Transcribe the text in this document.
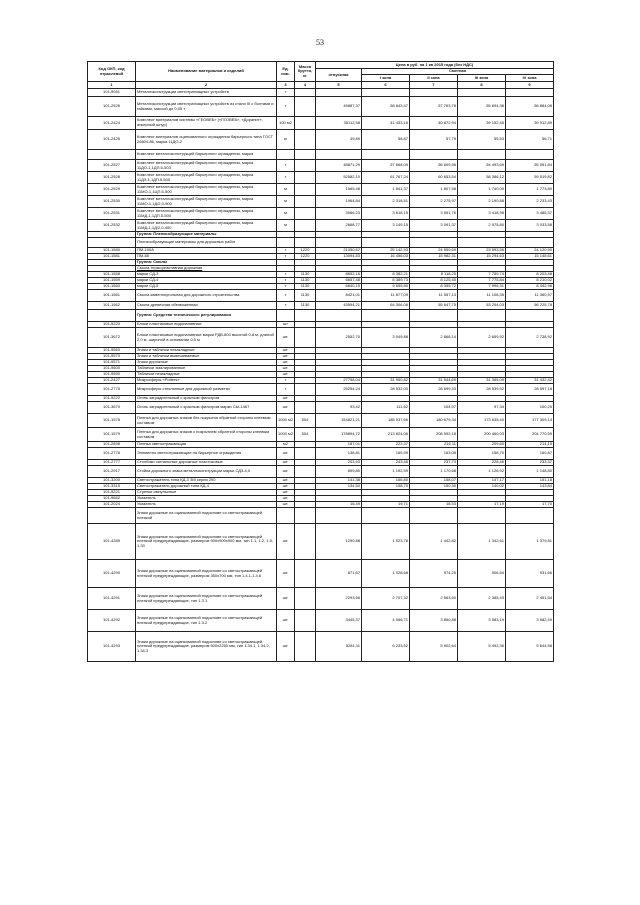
53
Код ОКП, код отраслевой	Наименование материалов и изделий	Ед. изм.	Масса брутто, кг	Цена в руб. на 1 кв 2015 года (без НДС)				
				отпускная	Сметная			
					I зона	II зона	III зона	IV зона
1	2	3	4	5	6	7	8	9
101-9051	Металлоконструкции светотранзацных устройств	т						
101-2526	Металлоконструкции светотранзацных устройств из стали III с болтами и гайками, массой до 0,05 т	т		49887,37	58 843,47	57 763,78	55 694,38	56 884,08
101-2424	Комплект материалов системы «ГЕОВЕБ» («ГЕОВЕБ», «Доранит», анкерный шнур)	100 м2		35112,58	41 433,16	40 872,94	39 152,45	39 912,89
101-2425	Комплект материалов оцинкованного ограждения барьерного типа ГОСТ 26804-86, марка 11ДО-2	кг		49,89	58,87	57,79	55,53	56,71
	Комплект металлоконструкций барьерного ограждения, марка							
101-2527	Комплект металлоконструкций барьерного ограждения, марка 11ДО-1,1ДП.5-503	т		48871,29	57 668,09	56 609,96	54 493,69	55 551,84
101-2528	Комплект металлоконструкций барьерного ограждения, марка 11ДЗ-1,1ДП.5-500	т		52582,10	61 767,24	60 653,54	58 386,12	59 519,82
101-2529	Комплект металлоконструкций барьерного ограждения, марка 11МО-1,1ЦП.5-500	м		1565,48	1 841,37	1 807,58	1 740,00	1 773,80
101-2530	Комплект металлоконструкций барьерного ограждения, марка 11МО-1,1Д/2,0-500	м		1964,84	2 318,51	2 275,97	2 190,88	2 233,43
101-2531	Комплект металлоконструкций барьерного ограждения, марка 11МД-1,1ДП.5-500	м		3066,23	3 618,15	3 551,76	3 418,98	3 485,37
101-2532	Комплект металлоконструкций барьерного ограждения, марка 11МД-1,1Д/2,0-400	м		2668,77	3 149,15	3 091,37	2 975,80	3 033,58
	Группа: Пленкообразующие материалы							
	Пленкообразующие материалы для дорожных работ							
101-1580	ПМ-100А	т	1220	21050,67	25 142,93	24 559,69	23 593,56	24 120,90
101-1581	ПМ-86	т	1220	13094,83	16 456,03	15 982,31	15 294,63	15 148,61
	Группа: Смолы							
	Смола термореактивная дорожная							
101-1558	марки СД-3	т	1130	8652,16	8 382,21	8 118,25	7 759,74	8 203,48
101-1559	марки СД-4	т	1130	6657,48	8 389,73	8 125,45	7 775,84	8 210,02
101-1560	марки СД-5	т	1130	6840,15	9 655,80	8 355,72	7 996,31	8 442,96
101-1561	Смола каменноугольная для дорожного строительства	т	1130	8421,01	11 877,09	11 557,13	11 108,35	11 360,97
101-1562	Смола древесная обезвоженная	т	1130	43594,21	64 306,08	55 647,75	53 254,03	56 225,78
	Группа: Средства технического регулирования							
101-9220	Блоки пластиковые водоналивные	шт						
101-3672	Блоки пластиковые водоналивные марки РДВ-800 высотой 0,8 м, длиной 2,0 м, шириной в основании 0,5 м	шт.		2552,70	3 049,88	2 868,14	2 659,92	2 738,92
101-9560	Знаки и таблички незакладные	шт.						
101-9570	Знаки и таблички вывешиваемые	шт.						
101-9571	Знаки дорожные	шт.						
101-9600	Таблички эмалированные	шт.						
101-9590	Таблички незакладные	шт.						
101-2427	Микросферы «Potters»	т		27758,04	31 950,82	31 544,69	31 365,09	31 432,42
101-2775	Микросферы стеклянные для дорожной разметки	т		25254,24	28 532,00	28 699,33	28 539,92	28 597,18
101-9222	Огонь заградительный с красным фильтром	шт.						
101-3670	Огонь заградительный с красным фильтром марки СЫ-1467	шт.		93,42	111,62	104,97	97,34	100,25
101-1578	Пленка для дорожных знаков без покрытия обратной стороны клеевым составом	1000 м2	504	154821,21	185 037,66	180 679,34	173 635,40	177 309,14
101-1579	Пленка для дорожных знаков с покрытием обратной стороны клеевым составом	1000 м2	504	178894,72	213 824,06	208 592,18	200 460,03	204 770,59
101-2898	Пленка светоотражающая	м2		187,01	223,37	216,11	209,60	214,15
101-2776	Элементы светоотражающие на барьерное ограждения	шт.		138,81	165,99	163,08	158,70	160,87
101-2777	Столбики сигнальные дорожные пластиковые	шт.		203,93	243,46	237,73	228,46	233,37
101-2917	Стойка дорожного знака металлоконструкции марки СД3-4,0	шт.		899,80	1 192,59	1 170,68	1 126,92	1 148,80
101-3200	Светоотражатель типа КД-3 ЗМ серия 290	шт.		141,38	166,80	158,07	147,17	151,18
101-3315	Светоотражатель дорожный типа КД-4	шт.		134,50	158,70	150,30	140,02	143,84
101-9221	Стрелки импульсные	шт.						
101-9662	Указатель	шт.						
101-2024	Указатель	шт.		16,49	19,71	18,53	17,19	17,70
	Знаки дорожные на оцинкованной подоснове со светоотражающей пленкой							
101-4289	Знаки дорожные на оцинкованной подоснове со светоотражающей пленкой предупреждающие, размером 900х900х900 мм, тип 1.1, 1.2, 1.5-1.33	шт.		1290,88	1 523,78	1 442,82	1 342,61	1 379,81
101-4290	Знаки дорожные на оцинкованной подоснове со светоотражающей пленкой предупреждающие, размером 350х700 мм, тип 1.4.1-1.4.6	шт.		871,67	1 028,68	974,25	906,54	931,66
101-4291	Знаки дорожные на оцинкованной подоснове со светоотражающей пленкой предупреждающие, тип 1.3.1	шт.		2293,66	2 707,32	2 563,60	2 385,43	2 451,54
101-4292	Знаки дорожные на оцинкованной подоснове со светоотражающей пленкой предупреждающие, тип 1.3.2	шт.		3445,37	4 066,71	3 850,88	3 583,19	3 682,49
101-4293	Знаки дорожные на оцинкованной подоснове со светоотражающей пленкой предупреждающие, размером 500х2250 мм, тип 1.34.1, 1.34.2, 1.34.3	шт.		5281,11	6 233,52	5 902,64	5 492,36	5 644,58
